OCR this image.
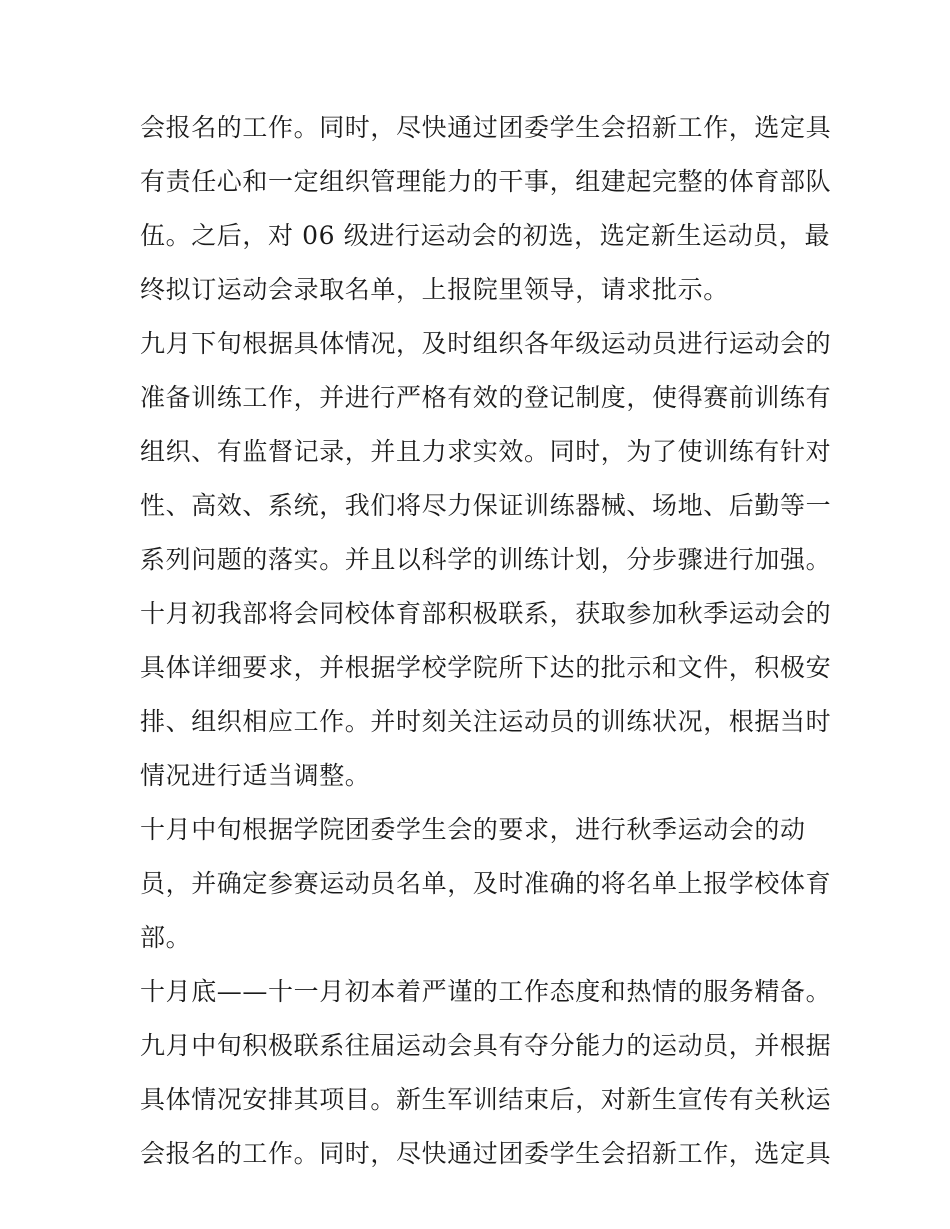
会报名的工作。同时，尽快通过团委学生会招新工作，选定具
有责任心和一定组织管理能力的干事，组建起完整的体育部队
伍。之后，对 06 级进行运动会的初选，选定新生运动员，最
终拟订运动会录取名单，上报院里领导，请求批示。
九月下旬根据具体情况，及时组织各年级运动员进行运动会的
准备训练工作，并进行严格有效的登记制度，使得赛前训练有
组织、有监督记录，并且力求实效。同时，为了使训练有针对
性、高效、系统，我们将尽力保证训练器械、场地、后勤等一
系列问题的落实。并且以科学的训练计划，分步骤进行加强。
十月初我部将会同校体育部积极联系，获取参加秋季运动会的
具体详细要求，并根据学校学院所下达的批示和文件，积极安
排、组织相应工作。并时刻关注运动员的训练状况，根据当时
情况进行适当调整。
十月中旬根据学院团委学生会的要求，进行秋季运动会的动
员，并确定参赛运动员名单，及时准确的将名单上报学校体育
部。
十月底——十一月初本着严谨的工作态度和热情的服务精备。
九月中旬积极联系往届运动会具有夺分能力的运动员，并根据
具体情况安排其项目。新生军训结束后，对新生宣传有关秋运
会报名的工作。同时，尽快通过团委学生会招新工作，选定具
